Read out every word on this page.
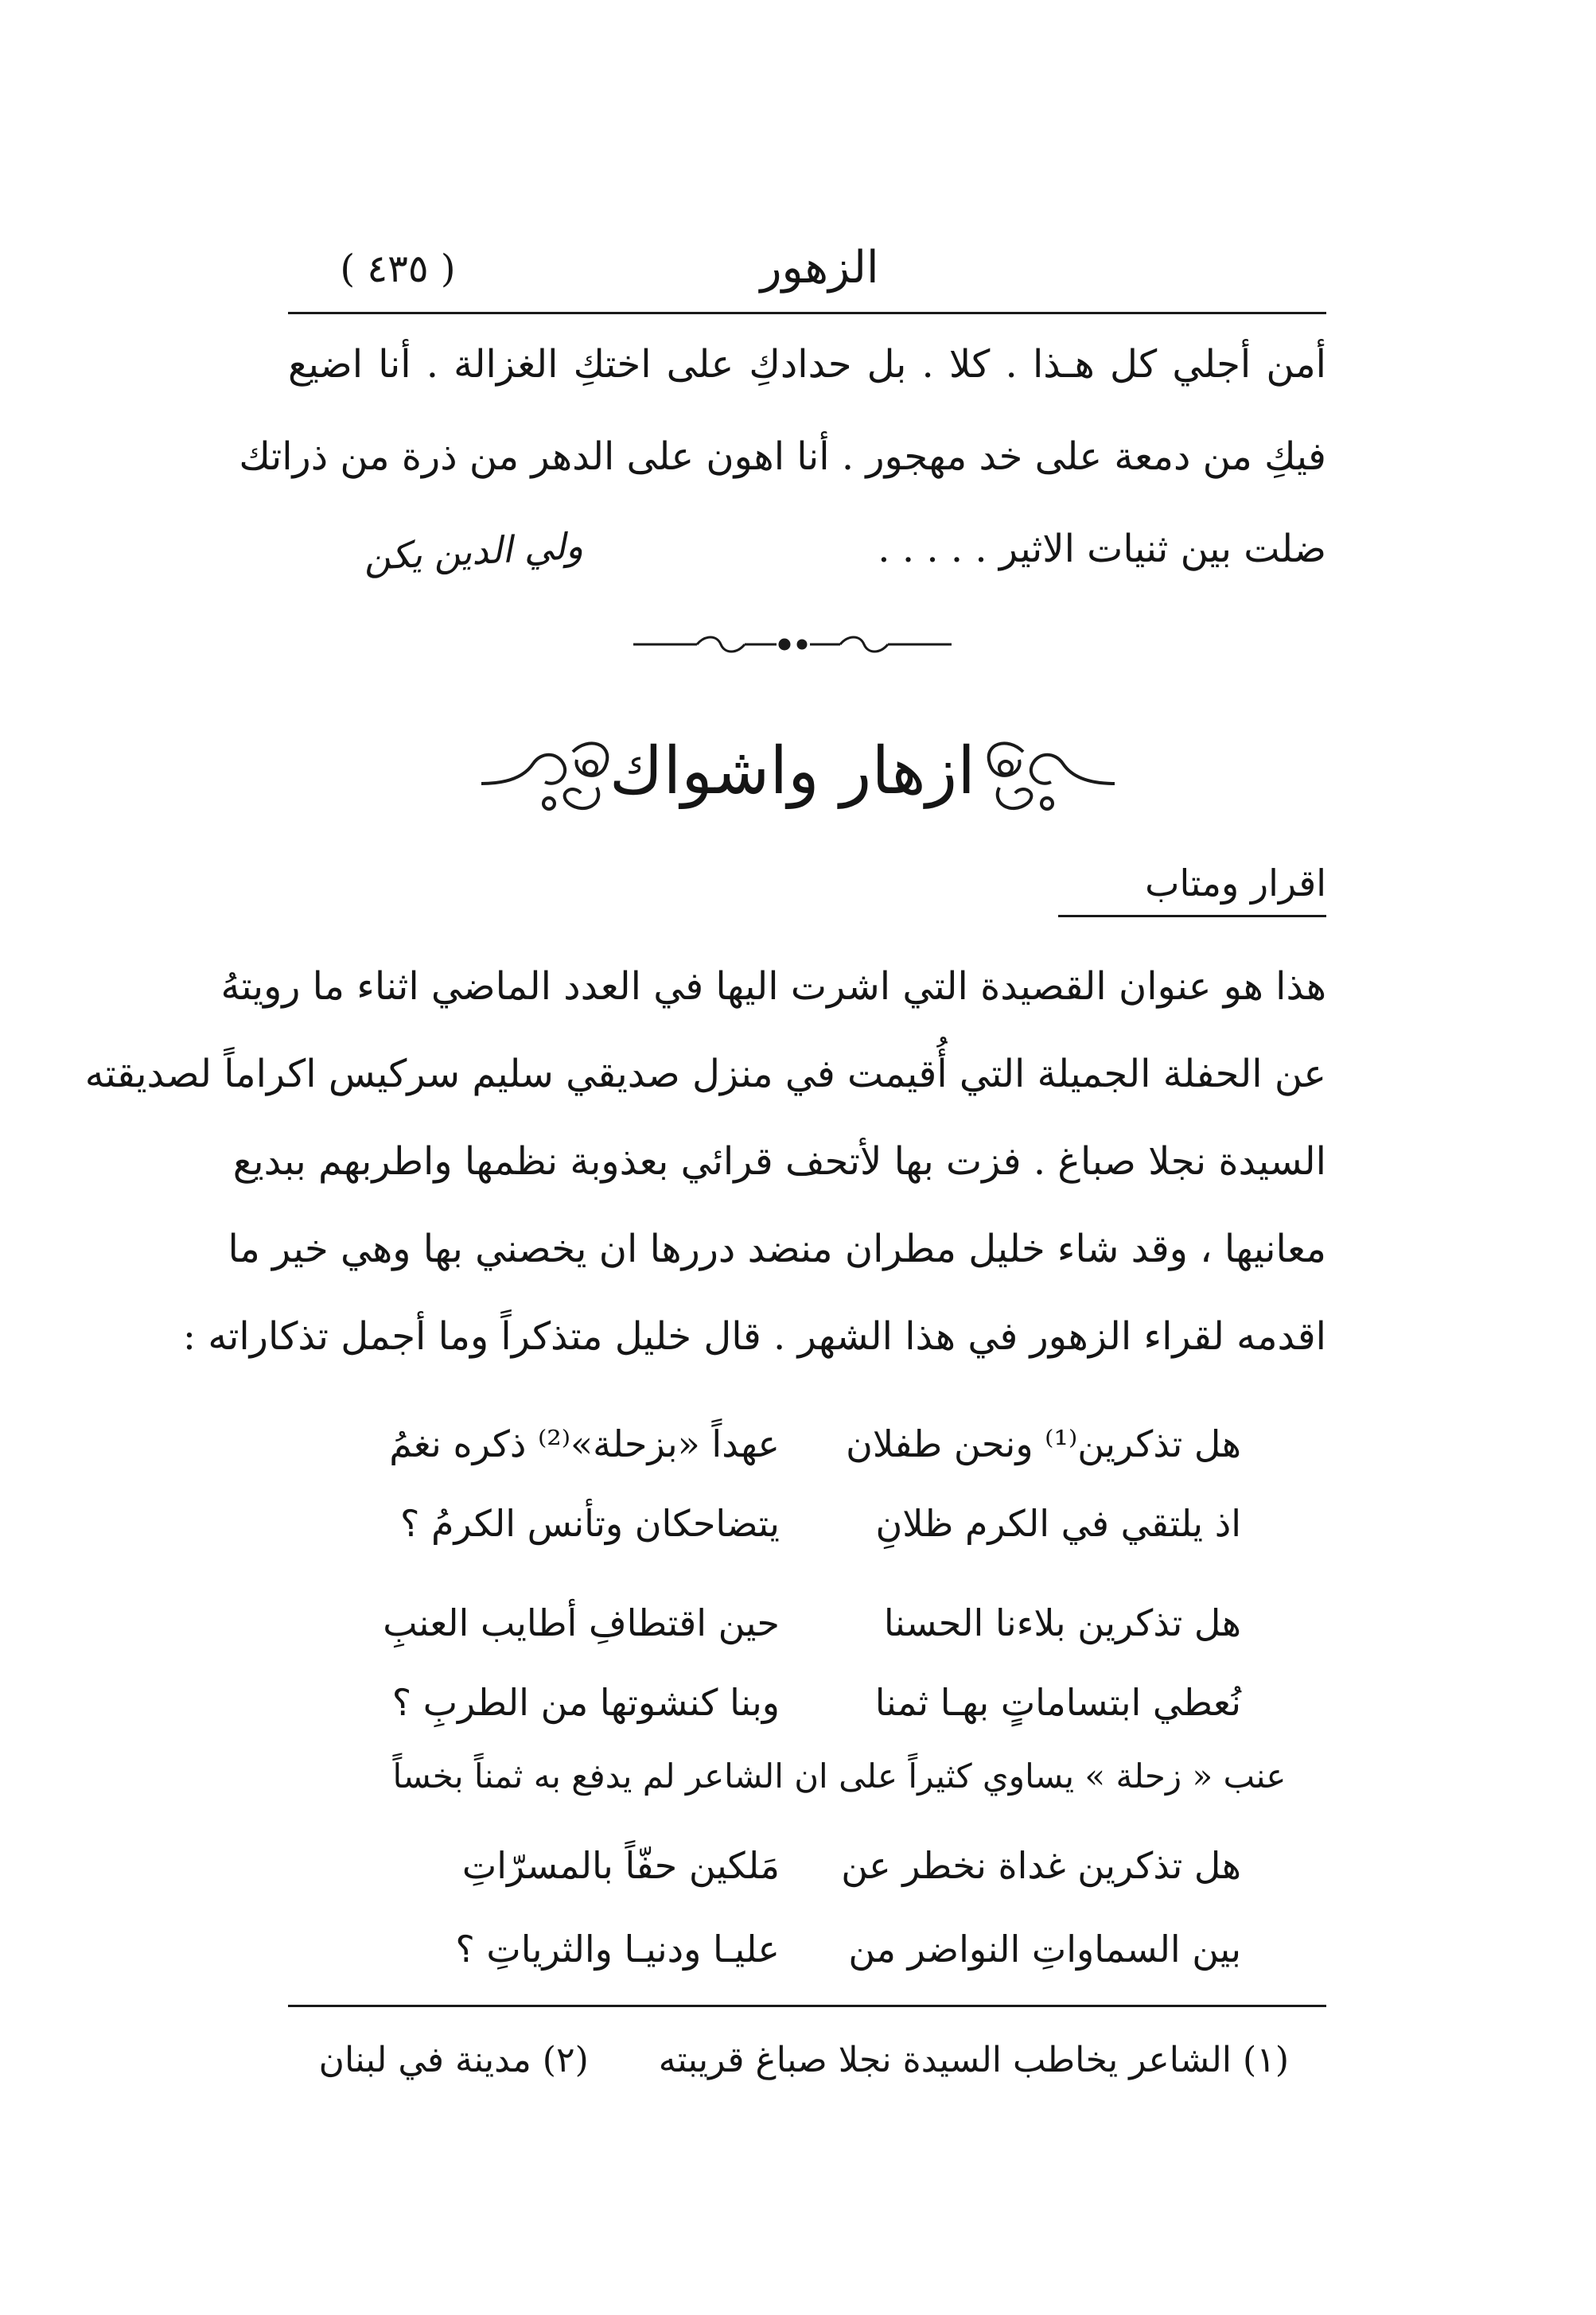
الزهور
( ٤٣٥ )
أمن أجلي كل هـذا . كلا . بل حدادكِ على اختكِ الغزالة . أنا اضيع
فيكِ من دمعة على خد مهجور . أنا اهون على الدهر من ذرة من ذراتك
ضلت بين ثنيات الاثير . . . . .
ولي الدين يكن
ازهار واشواك
اقرار ومتاب
هذا هو عنوان القصيدة التي اشرت اليها في العدد الماضي اثناء ما رويتهُ
عن الحفلة الجميلة التي أُقيمت في منزل صديقي سليم سركيس اكراماً لصديقته
السيدة نجلا صباغ . فزت بها لأتحف قرائي بعذوبة نظمها واطربهم ببديع
معانيها ، وقد شاء خليل مطران منضد دررها ان يخصني بها وهي خير ما
اقدمه لقراء الزهور في هذا الشهر . قال خليل متذكراً وما أجمل تذكاراته :
هل تذكرين⁽¹⁾ ونحن طفلان
عهداً «بزحلة»⁽²⁾ ذكره نغمُ
اذ يلتقي في الكرم ظلانِ
يتضاحكان وتأنس الكرمُ ؟
هل تذكرين بلاءنا الحسنا
حين اقتطافِ أطايب العنبِ
نُعطي ابتساماتٍ بهـا ثمنا
وبنا كنشوتها من الطربِ ؟
عنب « زحلة » يساوي كثيراً على ان الشاعر لم يدفع به ثمناً بخساً
هل تذكرين غداة نخطر عن
مَلكين حفّاً بالمسرّاتِ
بين السماواتِ النواضر من
عليـا ودنيـا والثرياتِ ؟
(١) الشاعر يخاطب السيدة نجلا صباغ قريبته  (٢) مدينة في لبنان
